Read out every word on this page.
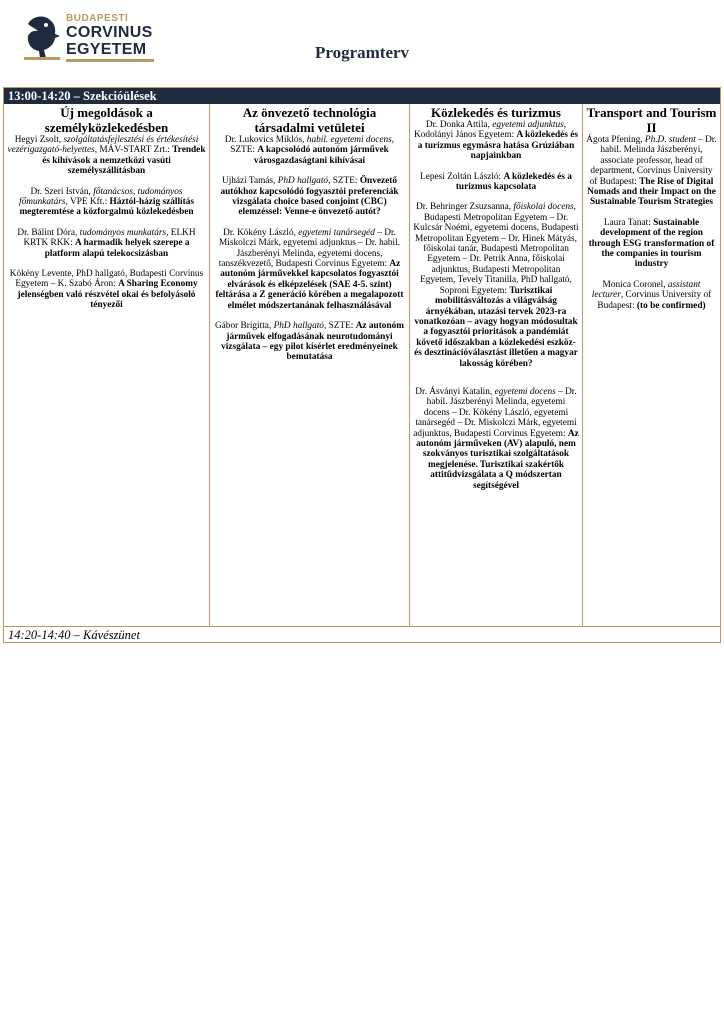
BUDAPESTI
CORVINUS
EGYETEM	Programterv
13:00-14:20 – Szekcióülések
Új megoldások a személyközlekedésben
Hegyi Zsolt, szolgáltatásfejlesztési és értékesítési vezérigazgató-helyettes, MÁV-START Zrt.: Trendek és kihívások a nemzetközi vasúti személyszállításban
Dr. Szeri István, főtanácsos, tudományos főmunkatárs, VPE Kft.: Háztól-házig szállítás megteremtése a közforgalmú közlekedésben
Dr. Bálint Dóra, tudományos munkatárs, ELKH KRTK RKK: A harmadik helyek szerepe a platform alapú telekocsizásban
Kökény Levente, PhD hallgató, Budapesti Corvinus Egyetem – K. Szabó Áron: A Sharing Economy jelenségben való részvétel okai és befolyásoló tényezői
Az önvezető technológia társadalmi vetületei
Dr. Lukovics Miklós, habil. egyetemi docens, SZTE: A kapcsolódó autonóm járművek városgazdaságtani kihívásai
Ujházi Tamás, PhD hallgató, SZTE: Önvezető autókhoz kapcsolódó fogyasztói preferenciák vizsgálata choice based conjoint (CBC) elemzéssel: Venne-e önvezető autót?
Dr. Kökény László, egyetemi tanársegéd – Dr. Miskolczi Márk, egyetemi adjunktus – Dr. habil. Jászberényi Melinda, egyetemi docens, tanszékvezető, Budapesti Corvinus Egyetem: Az autonóm járművekkel kapcsolatos fogyasztói elvárások és elképzelések (SAE 4-5. szint) feltárása a Z generáció körében a megalapozott elmélet módszertanának felhasználásával
Gábor Brigitta, PhD hallgató, SZTE: Az autonóm járművek elfogadásának neurotudományi vizsgálata – egy pilot kísérlet eredményeinek bemutatása
Közlekedés és turizmus
Dr. Donka Attila, egyetemi adjunktus, Kodolányi János Egyetem: A közlekedés és a turizmus egymásra hatása Grúziában napjainkban
Lepesi Zoltán László: A közlekedés és a turizmus kapcsolata
Dr. Behringer Zsuzsanna, főiskolai docens, Budapesti Metropolitan Egyetem – Dr. Kulcsár Noémi, egyetemi docens, Budapesti Metropolitan Egyetem – Dr. Hinek Mátyás, főiskolai tanár, Budapesti Metropolitan Egyetem – Dr. Petrik Anna, főiskolai adjunktus, Budapesti Metropolitan Egyetem, Tevely Titanilla, PhD hallgató, Soproni Egyetem: Turisztikai mobilitásváltozás a világválság árnyékában, utazási tervek 2023-ra vonatkozóan – avagy hogyan módosultak a fogyasztói prioritások a pandémiát követő időszakban a közlekedési eszköz- és desztinációválasztást illetően a magyar lakosság körében?
Dr. Ásványi Katalin, egyetemi docens – Dr. habil. Jászberényi Melinda, egyetemi docens – Dr. Kökény László, egyetemi tanársegéd – Dr. Miskolczi Márk, egyetemi adjunktus, Budapesti Corvinus Egyetem: Az autonóm járműveken (AV) alapuló, nem szokványos turisztikai szolgáltatások megjelenése. Turisztikai szakértők attitűdvizsgálata a Q módszertan segítségével
Transport and Tourism II
Ágota Pfening, Ph.D. student – Dr. habil. Melinda Jászberényi, associate professor, head of department, Corvinus University of Budapest: The Rise of Digital Nomads and their Impact on the Sustainable Tourism Strategies
Laura Tanat: Sustainable development of the region through ESG transformation of the companies in tourism industry
Monica Coronel, assistant lecturer, Corvinus University of Budapest: (to be confirmed)
14:20-14:40 – Kávészünet
